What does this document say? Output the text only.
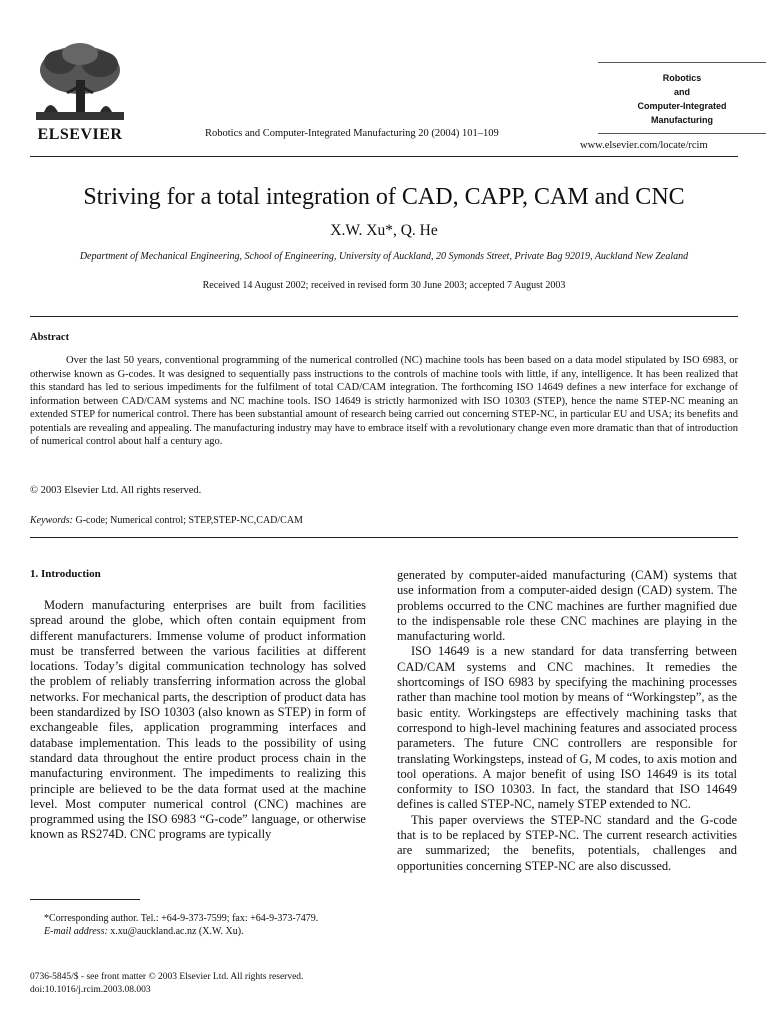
ELSEVIER	Robotics and Computer-Integrated Manufacturing 20 (2004) 101–109
Robotics
and
Computer-Integrated
Manufacturing
www.elsevier.com/locate/rcim
Striving for a total integration of CAD, CAPP, CAM and CNC
X.W. Xu*, Q. He
Department of Mechanical Engineering, School of Engineering, University of Auckland, 20 Symonds Street, Private Bag 92019, Auckland New Zealand
Received 14 August 2002; received in revised form 30 June 2003; accepted 7 August 2003
Abstract
Over the last 50 years, conventional programming of the numerical controlled (NC) machine tools has been based on a data model stipulated by ISO 6983, or otherwise known as G-codes. It was designed to sequentially pass instructions to the controls of machine tools with little, if any, intelligence. It has been realized that this standard has led to serious impediments for the fulfilment of total CAD/CAM integration. The forthcoming ISO 14649 defines a new interface for exchange of information between CAD/CAM systems and NC machine tools. ISO 14649 is strictly harmonized with ISO 10303 (STEP), hence the name STEP-NC meaning an extended STEP for numerical control. There has been substantial amount of research being carried out concerning STEP-NC, in particular EU and USA; its benefits and potentials are revealing and appealing. The manufacturing industry may have to embrace itself with a revolutionary change even more dramatic than that of introduction of numerical control about half a century ago.
© 2003 Elsevier Ltd. All rights reserved.
Keywords: G-code; Numerical control; STEP,STEP-NC,CAD/CAM
1. Introduction

Modern manufacturing enterprises are built from facilities spread around the globe, which often contain equipment from different manufacturers. Immense volume of product information must be transferred between the various facilities at different locations. Today’s digital communication technology has solved the problem of reliably transferring information across the global networks. For mechanical parts, the description of product data has been standardized by ISO 10303 (also known as STEP) in form of exchangeable files, application programming interfaces and database implementation. This leads to the possibility of using standard data throughout the entire product process chain in the manufacturing environment. The impediments to realizing this principle are believed to be the data format used at the machine level. Most computer numerical control (CNC) machines are programmed using the ISO 6983 “G-code” language, or otherwise known as RS274D. CNC programs are typically

generated by computer-aided manufacturing (CAM) systems that use information from a computer-aided design (CAD) system. The problems occurred to the CNC machines are further magnified due to the indispensable role these CNC machines are playing in the manufacturing world.

ISO 14649 is a new standard for data transferring between CAD/CAM systems and CNC machines. It remedies the shortcomings of ISO 6983 by specifying the machining processes rather than machine tool motion by means of “Workingstep”, as the basic entity. Workingsteps are effectively machining tasks that correspond to high-level machining features and associated process parameters. The future CNC controllers are responsible for translating Workingsteps, instead of G, M codes, to axis motion and tool operations. A major benefit of using ISO 14649 is its total conformity to ISO 10303. In fact, the standard that ISO 14649 defines is called STEP-NC, namely STEP extended to NC.

This paper overviews the STEP-NC standard and the G-code that is to be replaced by STEP-NC. The current research activities are summarized; the benefits, potentials, challenges and opportunities concerning STEP-NC are also discussed.

*Corresponding author. Tel.: +64-9-373-7599; fax: +64-9-373-7479.

E-mail address: x.xu@auckland.ac.nz (X.W. Xu).

0736-5845/$ - see front matter © 2003 Elsevier Ltd. All rights reserved.

doi:10.1016/j.rcim.2003.08.003
